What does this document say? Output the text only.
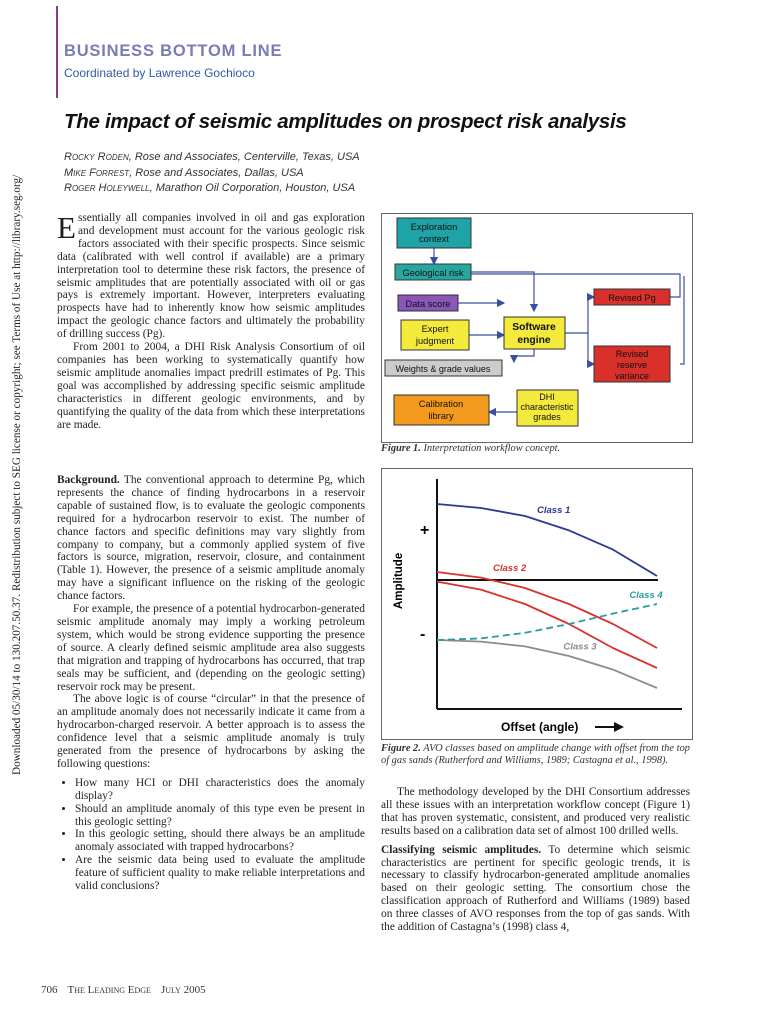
Downloaded 05/30/14 to 130.207.50.37. Redistribution subject to SEG license or copyright; see Terms of Use at http://library.seg.org/
BUSINESS BOTTOM LINE
Coordinated by Lawrence Gochioco
The impact of seismic amplitudes on prospect risk analysis
Rocky Roden, Rose and Associates, Centerville, Texas, USA
Mike Forrest, Rose and Associates, Dallas, USA
Roger Holeywell, Marathon Oil Corporation, Houston, USA

Essentially all companies involved in oil and gas exploration and development must account for the various geologic risk factors associated with their specific prospects. Since seismic data (calibrated with well control if available) are a primary interpretation tool to determine these risk factors, the presence of seismic amplitudes that are potentially associated with oil or gas pays is extremely important. However, interpreters evaluating prospects have had to inherently know how seismic amplitudes impact the geologic chance factors and ultimately the probability of drilling success (Pg).

From 2001 to 2004, a DHI Risk Analysis Consortium of oil companies has been working to systematically quantify how seismic amplitude anomalies impact predrill estimates of Pg. This goal was accomplished by addressing specific seismic amplitude characteristics in different geologic environments, and by quantifying the quality of the data from which these interpretations are made.

Background. The conventional approach to determine Pg, which represents the chance of finding hydrocarbons in a reservoir capable of sustained flow, is to evaluate the geologic components required for a hydrocarbon reservoir to exist. The number of chance factors and specific definitions may vary slightly from company to company, but a commonly applied system of five factors is source, migration, reservoir, closure, and containment (Table 1). However, the presence of a seismic amplitude anomaly may have a significant influence on the risking of the geologic chance factors.

For example, the presence of a potential hydrocarbon-generated seismic amplitude anomaly may imply a working petroleum system, which would be strong evidence supporting the presence of source. A clearly defined seismic amplitude area also suggests that migration and trapping of hydrocarbons has occurred, that trap seals may be sufficient, and (depending on the geologic setting) reservoir rock may be present.

The above logic is of course “circular” in that the presence of an amplitude anomaly does not necessarily indicate it came from a hydrocarbon-charged reservoir. A better approach is to assess the confidence level that a seismic amplitude anomaly is truly generated from the presence of hydrocarbons by asking the following questions:

• How many HCI or DHI characteristics does the anomaly display?
• Should an amplitude anomaly of this type even be present in this geologic setting?
• In this geologic setting, should there always be an amplitude anomaly associated with trapped hydrocarbons?
• Are the seismic data being used to evaluate the amplitude feature of sufficient quality to make reliable interpretations and valid conclusions?
Exploration
context
Geological risk
Data score
Expert
judgment
Software
engine
Weights & grade values
Calibration
library
DHI
characteristic
grades
Revised Pg
Revised
reserve
variance
Figure 1. Interpretation workflow concept.
+
-
Amplitude
Offset (angle)
Class 1
Class 2
Class 3
Class 4
Figure 2. AVO classes based on amplitude change with offset from the top of gas sands (Rutherford and Williams, 1989; Castagna et al., 1998).

The methodology developed by the DHI Consortium addresses all these issues with an interpretation workflow concept (Figure 1) that has proven systematic, consistent, and produced very realistic results based on a calibration data set of almost 100 drilled wells.

Classifying seismic amplitudes. To determine which seismic characteristics are pertinent for specific geologic trends, it is necessary to classify hydrocarbon-generated amplitude anomalies based on their geologic setting. The consortium chose the classification approach of Rutherford and Williams (1989) based on three classes of AVO responses from the top of gas sands. With the addition of Castagna’s (1998) class 4,

706 The Leading Edge July 2005
